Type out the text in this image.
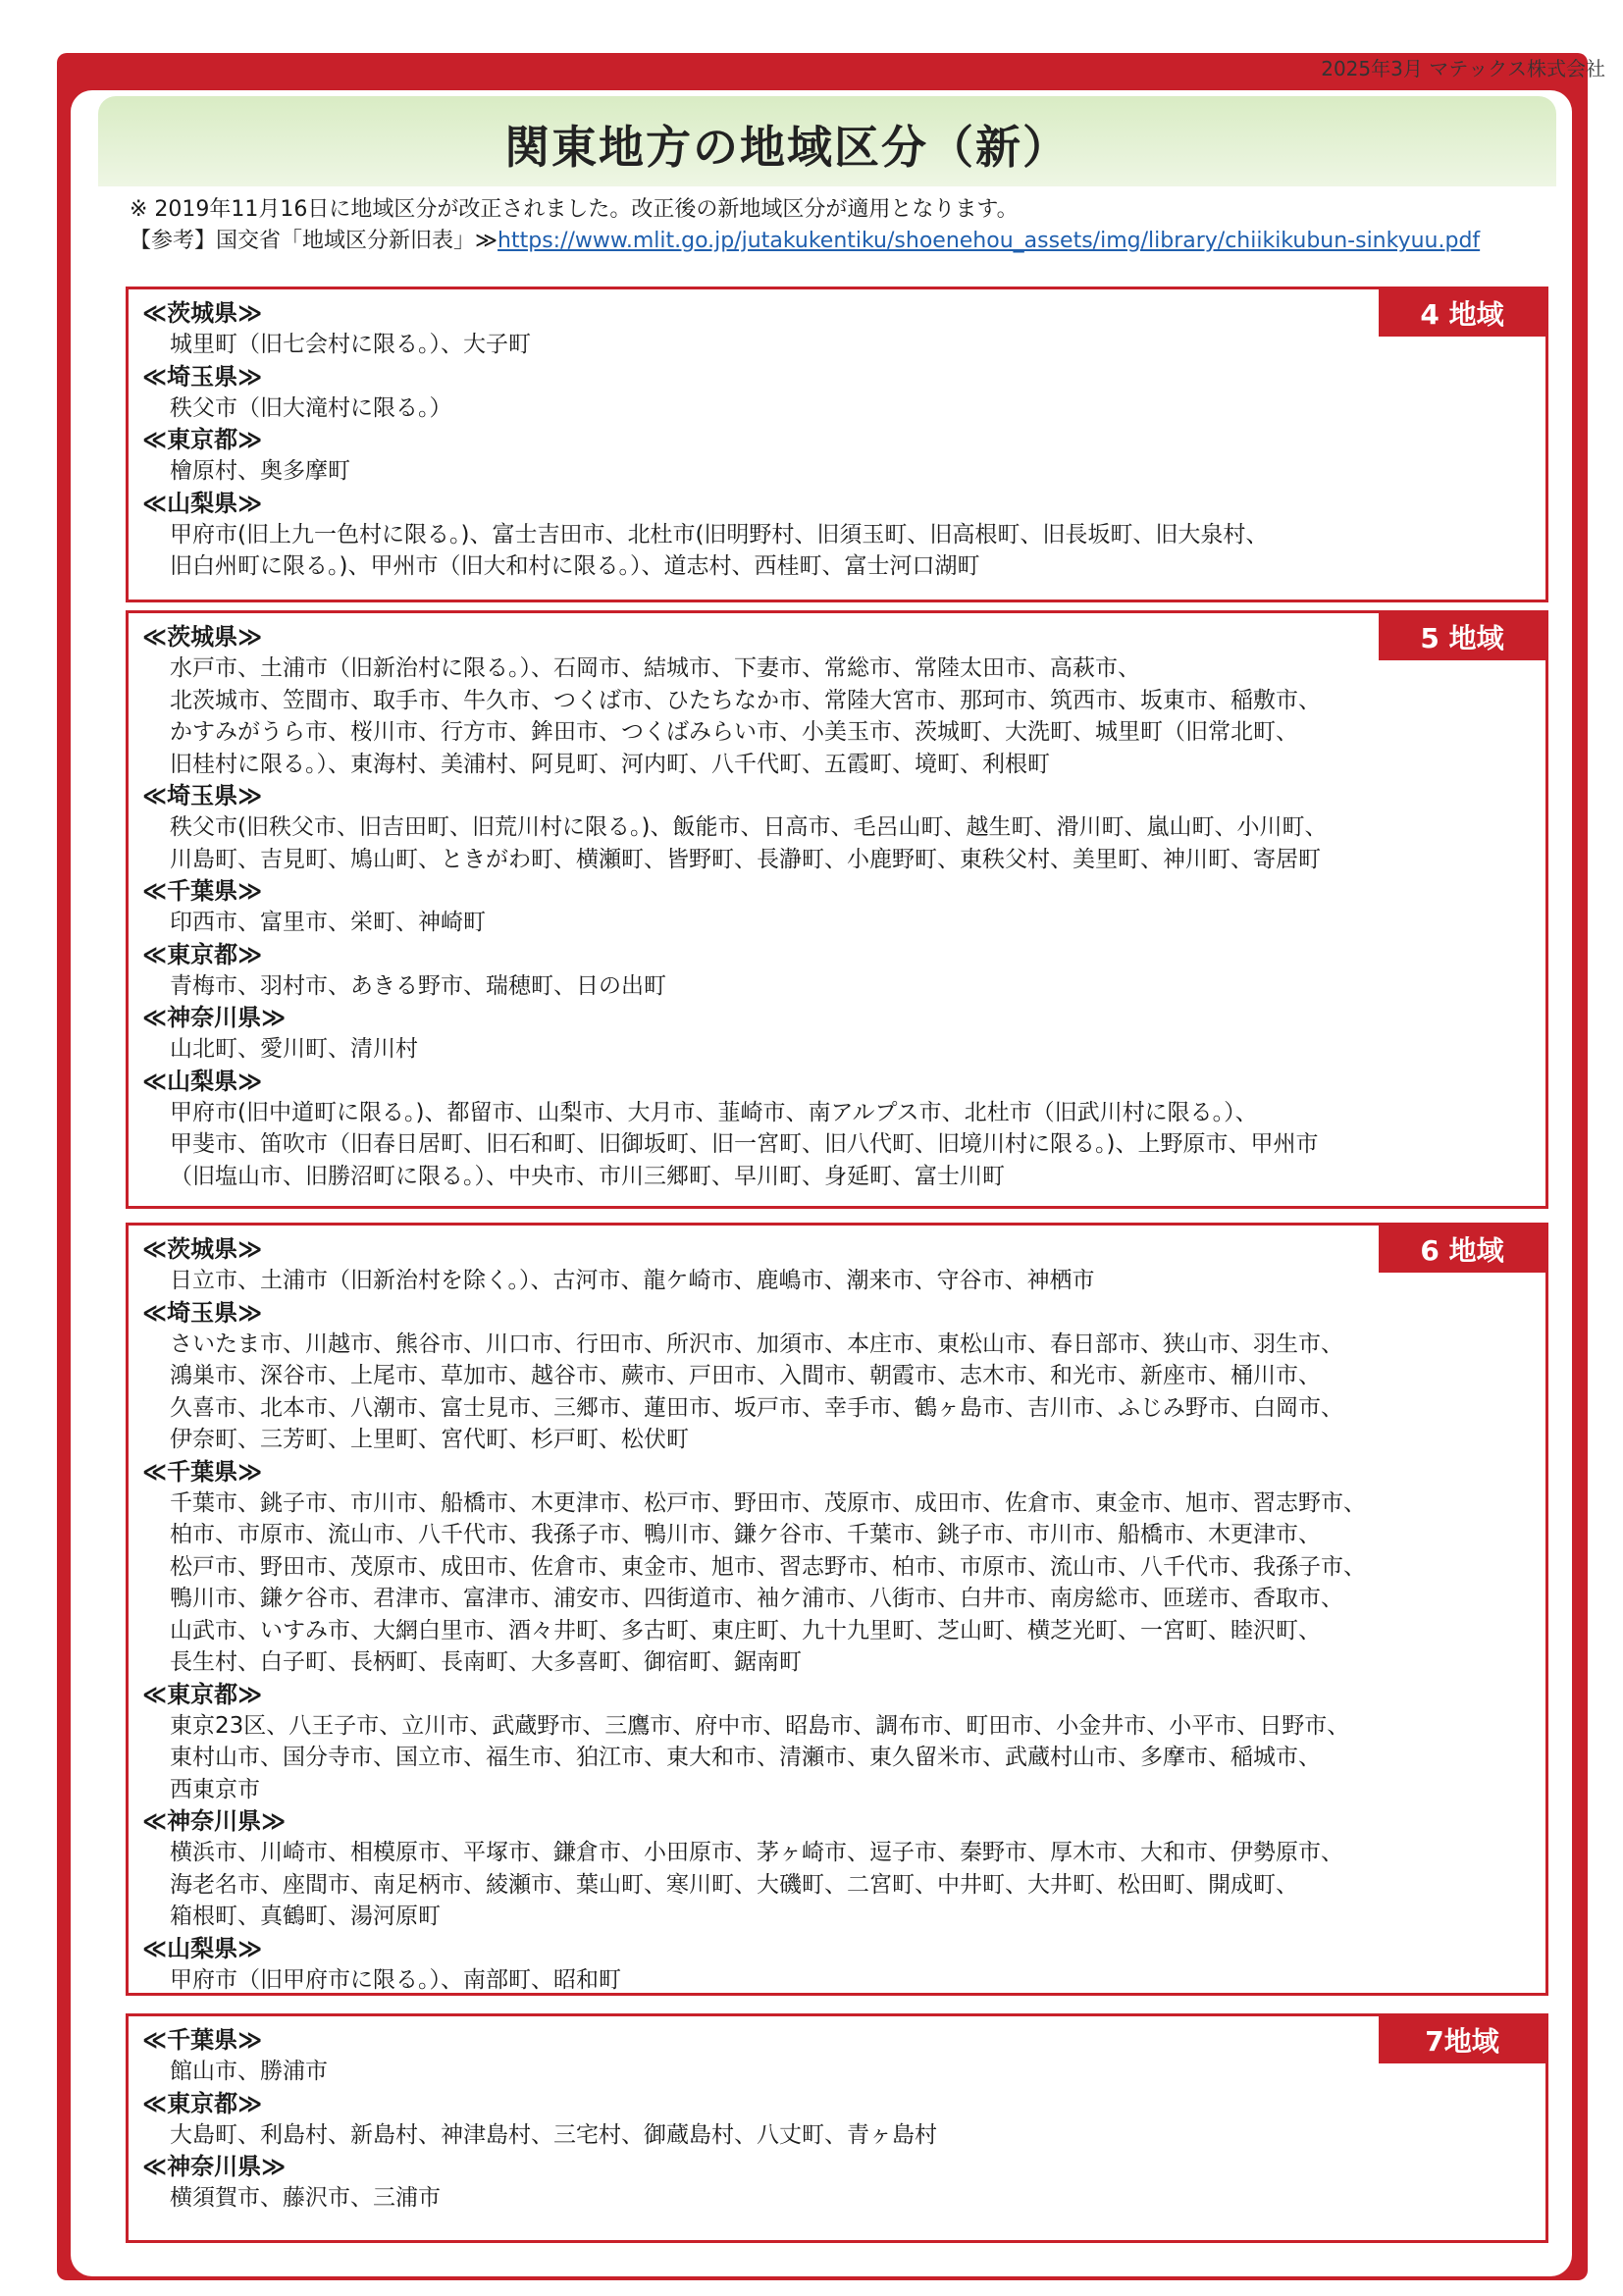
2025年3月 マテックス株式会社
関東地方の地域区分（新）
※ 2019年11月16日に地域区分が改正されました。改正後の新地域区分が適用となります。
【参考】国交省「地域区分新旧表」≫https://www.mlit.go.jp/jutakukentiku/shoenehou_assets/img/library/chiikikubun-sinkyuu.pdf
4 地域
≪茨城県≫
城里町（旧七会村に限る。）、大子町
≪埼玉県≫
秩父市（旧大滝村に限る。）
≪東京都≫
檜原村、奥多摩町
≪山梨県≫
甲府市(旧上九一色村に限る。)、富士吉田市、北杜市(旧明野村、旧須玉町、旧高根町、旧長坂町、旧大泉村、
旧白州町に限る。)、甲州市（旧大和村に限る。）、道志村、西桂町、富士河口湖町
5 地域
≪茨城県≫
水戸市、土浦市（旧新治村に限る。）、石岡市、結城市、下妻市、常総市、常陸太田市、高萩市、
北茨城市、笠間市、取手市、牛久市、つくば市、ひたちなか市、常陸大宮市、那珂市、筑西市、坂東市、稲敷市、
かすみがうら市、桜川市、行方市、鉾田市、つくばみらい市、小美玉市、茨城町、大洗町、城里町（旧常北町、
旧桂村に限る。）、東海村、美浦村、阿見町、河内町、八千代町、五霞町、境町、利根町
≪埼玉県≫
秩父市(旧秩父市、旧吉田町、旧荒川村に限る。)、飯能市、日高市、毛呂山町、越生町、滑川町、嵐山町、小川町、
川島町、吉見町、鳩山町、ときがわ町、横瀬町、皆野町、長瀞町、小鹿野町、東秩父村、美里町、神川町、寄居町
≪千葉県≫
印西市、富里市、栄町、神崎町
≪東京都≫
青梅市、羽村市、あきる野市、瑞穂町、日の出町
≪神奈川県≫
山北町、愛川町、清川村
≪山梨県≫
甲府市(旧中道町に限る。)、都留市、山梨市、大月市、韮崎市、南アルプス市、北杜市（旧武川村に限る。）、
甲斐市、笛吹市（旧春日居町、旧石和町、旧御坂町、旧一宮町、旧八代町、旧境川村に限る。)、上野原市、甲州市
（旧塩山市、旧勝沼町に限る。）、中央市、市川三郷町、早川町、身延町、富士川町
6 地域
≪茨城県≫
日立市、土浦市（旧新治村を除く。）、古河市、龍ケ崎市、鹿嶋市、潮来市、守谷市、神栖市
≪埼玉県≫
さいたま市、川越市、熊谷市、川口市、行田市、所沢市、加須市、本庄市、東松山市、春日部市、狭山市、羽生市、
鴻巣市、深谷市、上尾市、草加市、越谷市、蕨市、戸田市、入間市、朝霞市、志木市、和光市、新座市、桶川市、
久喜市、北本市、八潮市、富士見市、三郷市、蓮田市、坂戸市、幸手市、鶴ヶ島市、吉川市、ふじみ野市、白岡市、
伊奈町、三芳町、上里町、宮代町、杉戸町、松伏町
≪千葉県≫
千葉市、銚子市、市川市、船橋市、木更津市、松戸市、野田市、茂原市、成田市、佐倉市、東金市、旭市、習志野市、
柏市、市原市、流山市、八千代市、我孫子市、鴨川市、鎌ケ谷市、千葉市、銚子市、市川市、船橋市、木更津市、
松戸市、野田市、茂原市、成田市、佐倉市、東金市、旭市、習志野市、柏市、市原市、流山市、八千代市、我孫子市、
鴨川市、鎌ケ谷市、君津市、富津市、浦安市、四街道市、袖ケ浦市、八街市、白井市、南房総市、匝瑳市、香取市、
山武市、いすみ市、大網白里市、酒々井町、多古町、東庄町、九十九里町、芝山町、横芝光町、一宮町、睦沢町、
長生村、白子町、長柄町、長南町、大多喜町、御宿町、鋸南町
≪東京都≫
東京23区、八王子市、立川市、武蔵野市、三鷹市、府中市、昭島市、調布市、町田市、小金井市、小平市、日野市、
東村山市、国分寺市、国立市、福生市、狛江市、東大和市、清瀬市、東久留米市、武蔵村山市、多摩市、稲城市、
西東京市
≪神奈川県≫
横浜市、川崎市、相模原市、平塚市、鎌倉市、小田原市、茅ヶ崎市、逗子市、秦野市、厚木市、大和市、伊勢原市、
海老名市、座間市、南足柄市、綾瀬市、葉山町、寒川町、大磯町、二宮町、中井町、大井町、松田町、開成町、
箱根町、真鶴町、湯河原町
≪山梨県≫
甲府市（旧甲府市に限る。）、南部町、昭和町
7地域
≪千葉県≫
館山市、勝浦市
≪東京都≫
大島町、利島村、新島村、神津島村、三宅村、御蔵島村、八丈町、青ヶ島村
≪神奈川県≫
横須賀市、藤沢市、三浦市
